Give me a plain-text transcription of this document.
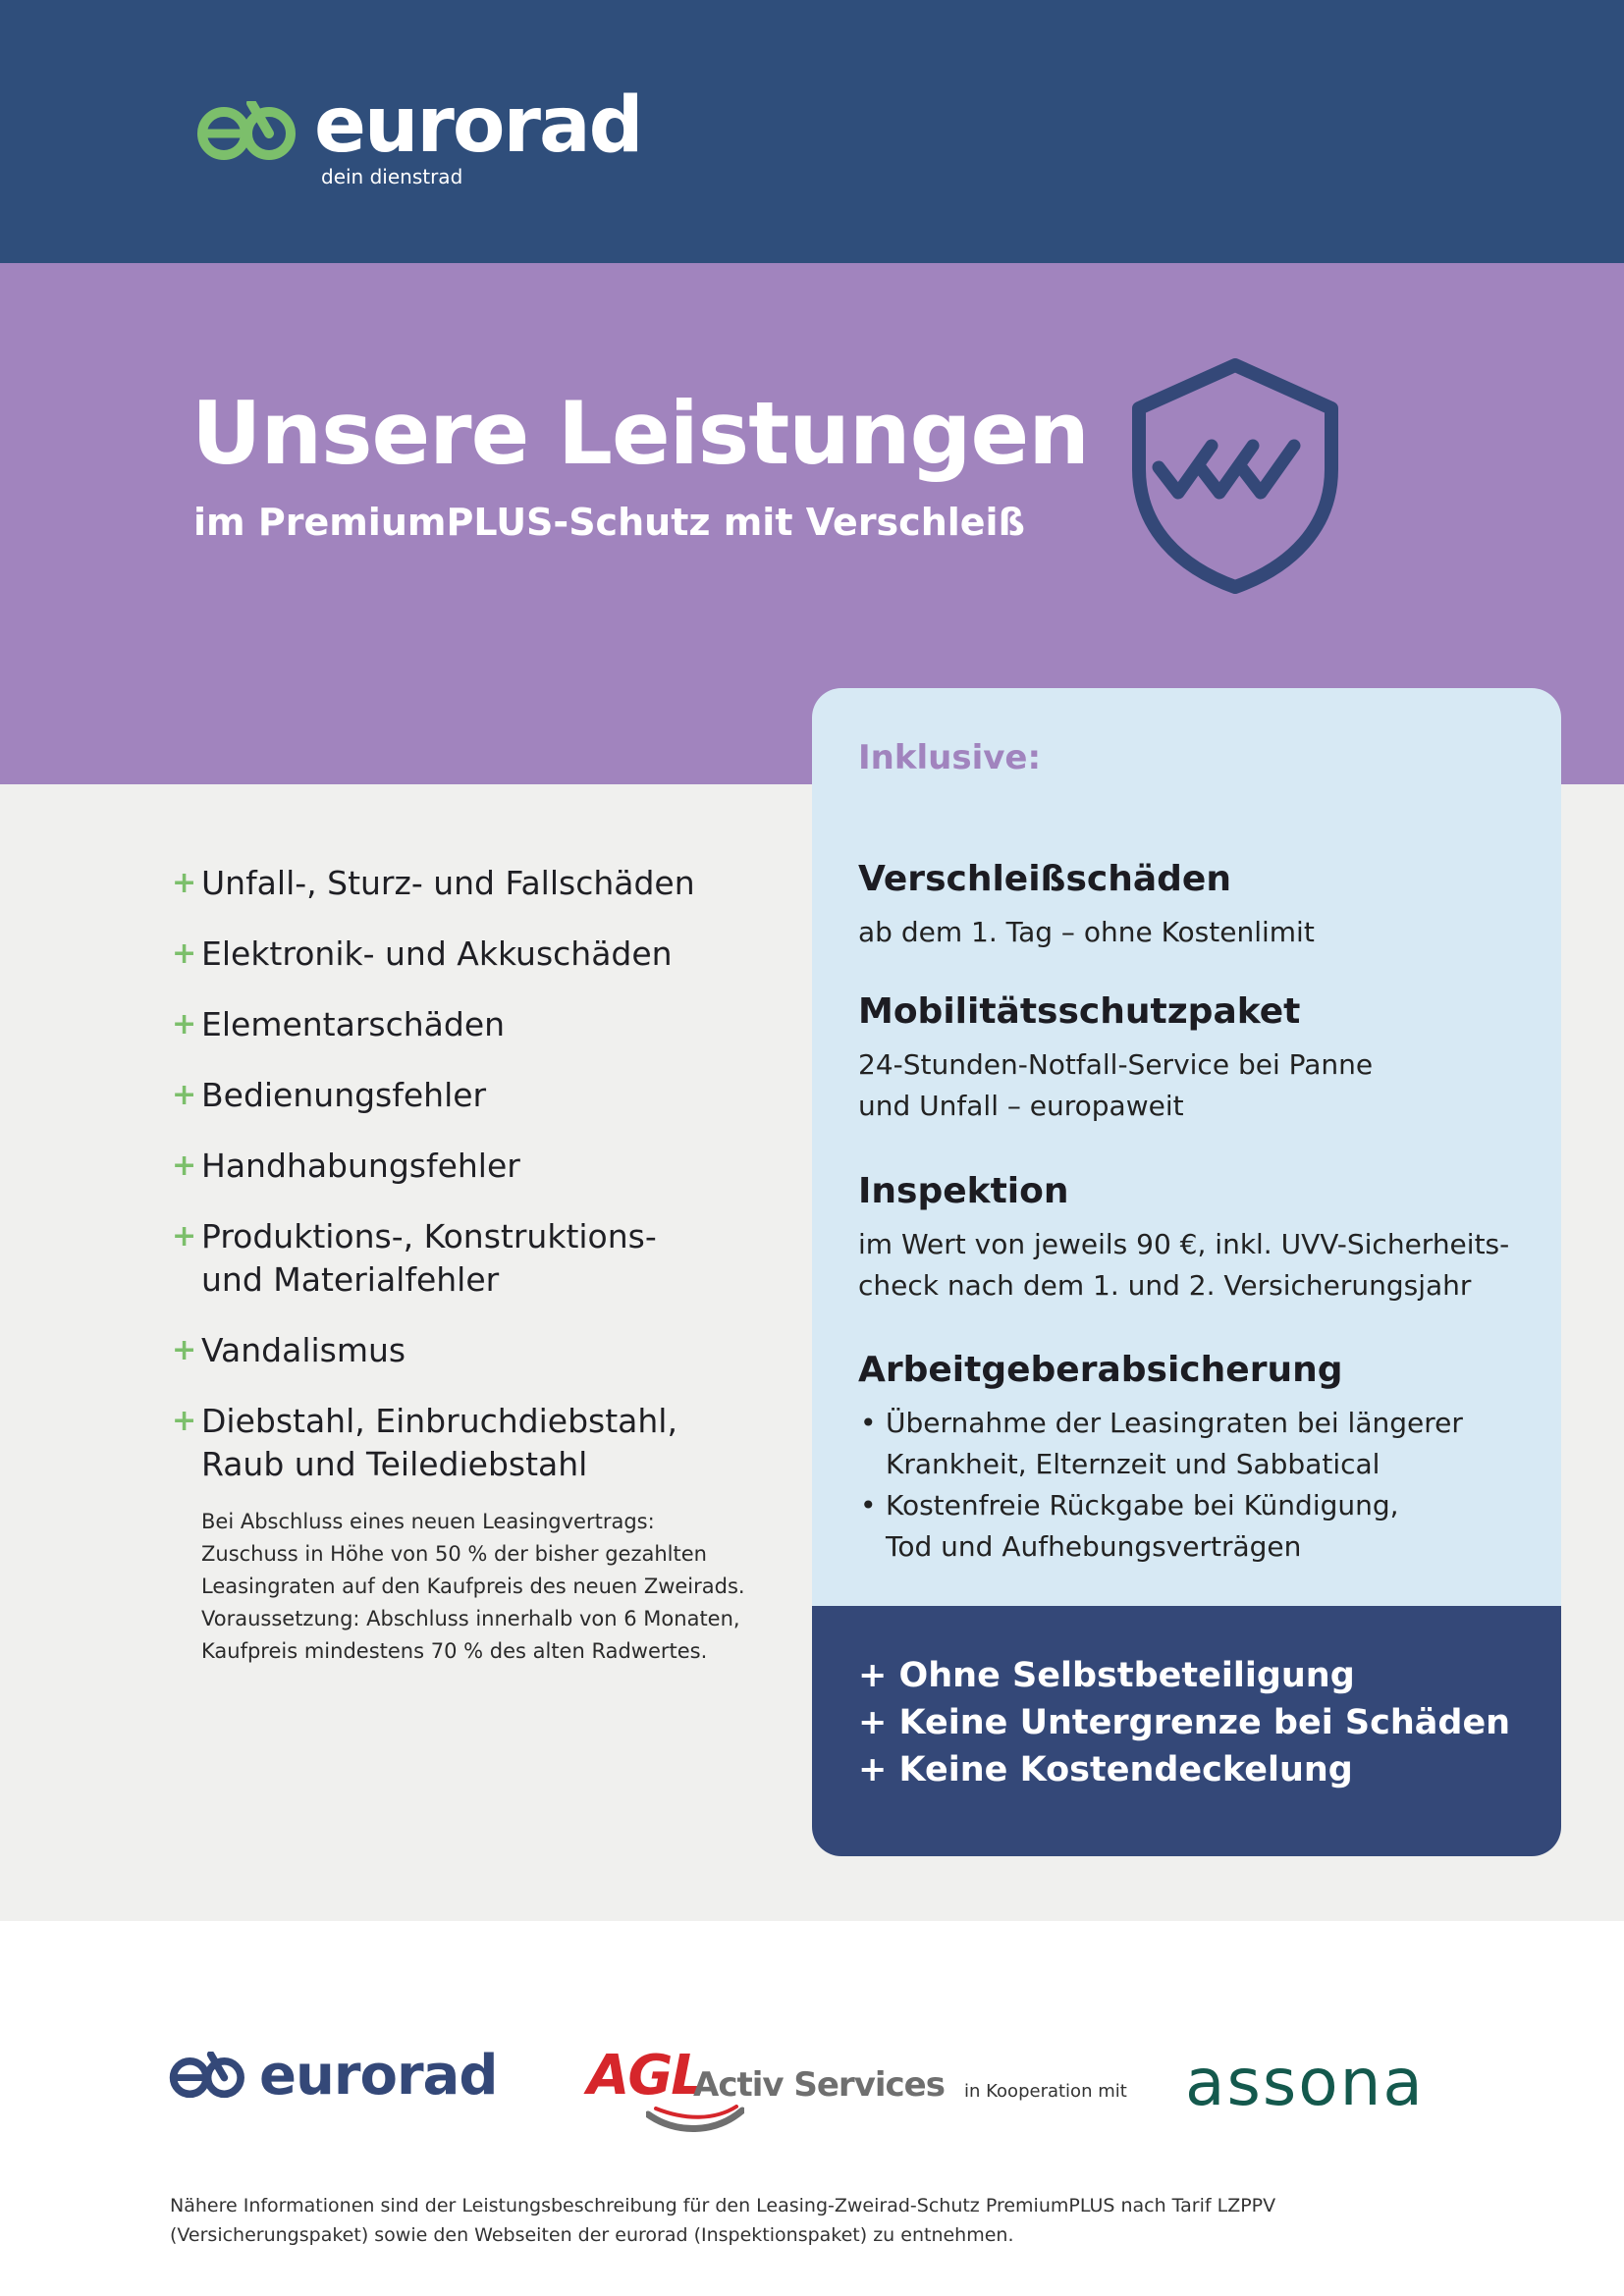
eurorad
dein dienstrad
Unsere Leistungen
im PremiumPLUS-Schutz mit Verschleiß
+ Unfall-, Sturz- und Fallschäden
+ Elektronik- und Akkuschäden
+ Elementarschäden
+ Bedienungsfehler
+ Handhabungsfehler
+ Produktions-, Konstruktions-
und Materialfehler
+ Vandalismus
+ Diebstahl, Einbruchdiebstahl,
Raub und Teilediebstahl
Bei Abschluss eines neuen Leasingvertrags:
Zuschuss in Höhe von 50 % der bisher gezahlten
Leasingraten auf den Kaufpreis des neuen Zweirads.
Voraussetzung: Abschluss innerhalb von 6 Monaten,
Kaufpreis mindestens 70 % des alten Radwertes.
Inklusive:
Verschleißschäden

ab dem 1. Tag – ohne Kostenlimit

Mobilitätsschutzpaket

24-Stunden-Notfall-Service bei Panne

und Unfall – europaweit

Inspektion

im Wert von jeweils 90 €, inkl. UVV-Sicherheits-

check nach dem 1. und 2. Versicherungsjahr

Arbeitgeberabsicherung
• Übernahme der Leasingraten bei längerer
Krankheit, Elternzeit und Sabbatical
• Kostenfreie Rückgabe bei Kündigung,
Tod und Aufhebungsverträgen
+ Ohne Selbstbeteiligung
+ Keine Untergrenze bei Schäden
+ Keine Kostendeckelung
eurorad AGL
Activ Services in Kooperation mit assona
Nähere Informationen sind der Leistungsbeschreibung für den Leasing-Zweirad-Schutz PremiumPLUS nach Tarif LZPPV
(Versicherungspaket) sowie den Webseiten der eurorad (Inspektionspaket) zu entnehmen.
